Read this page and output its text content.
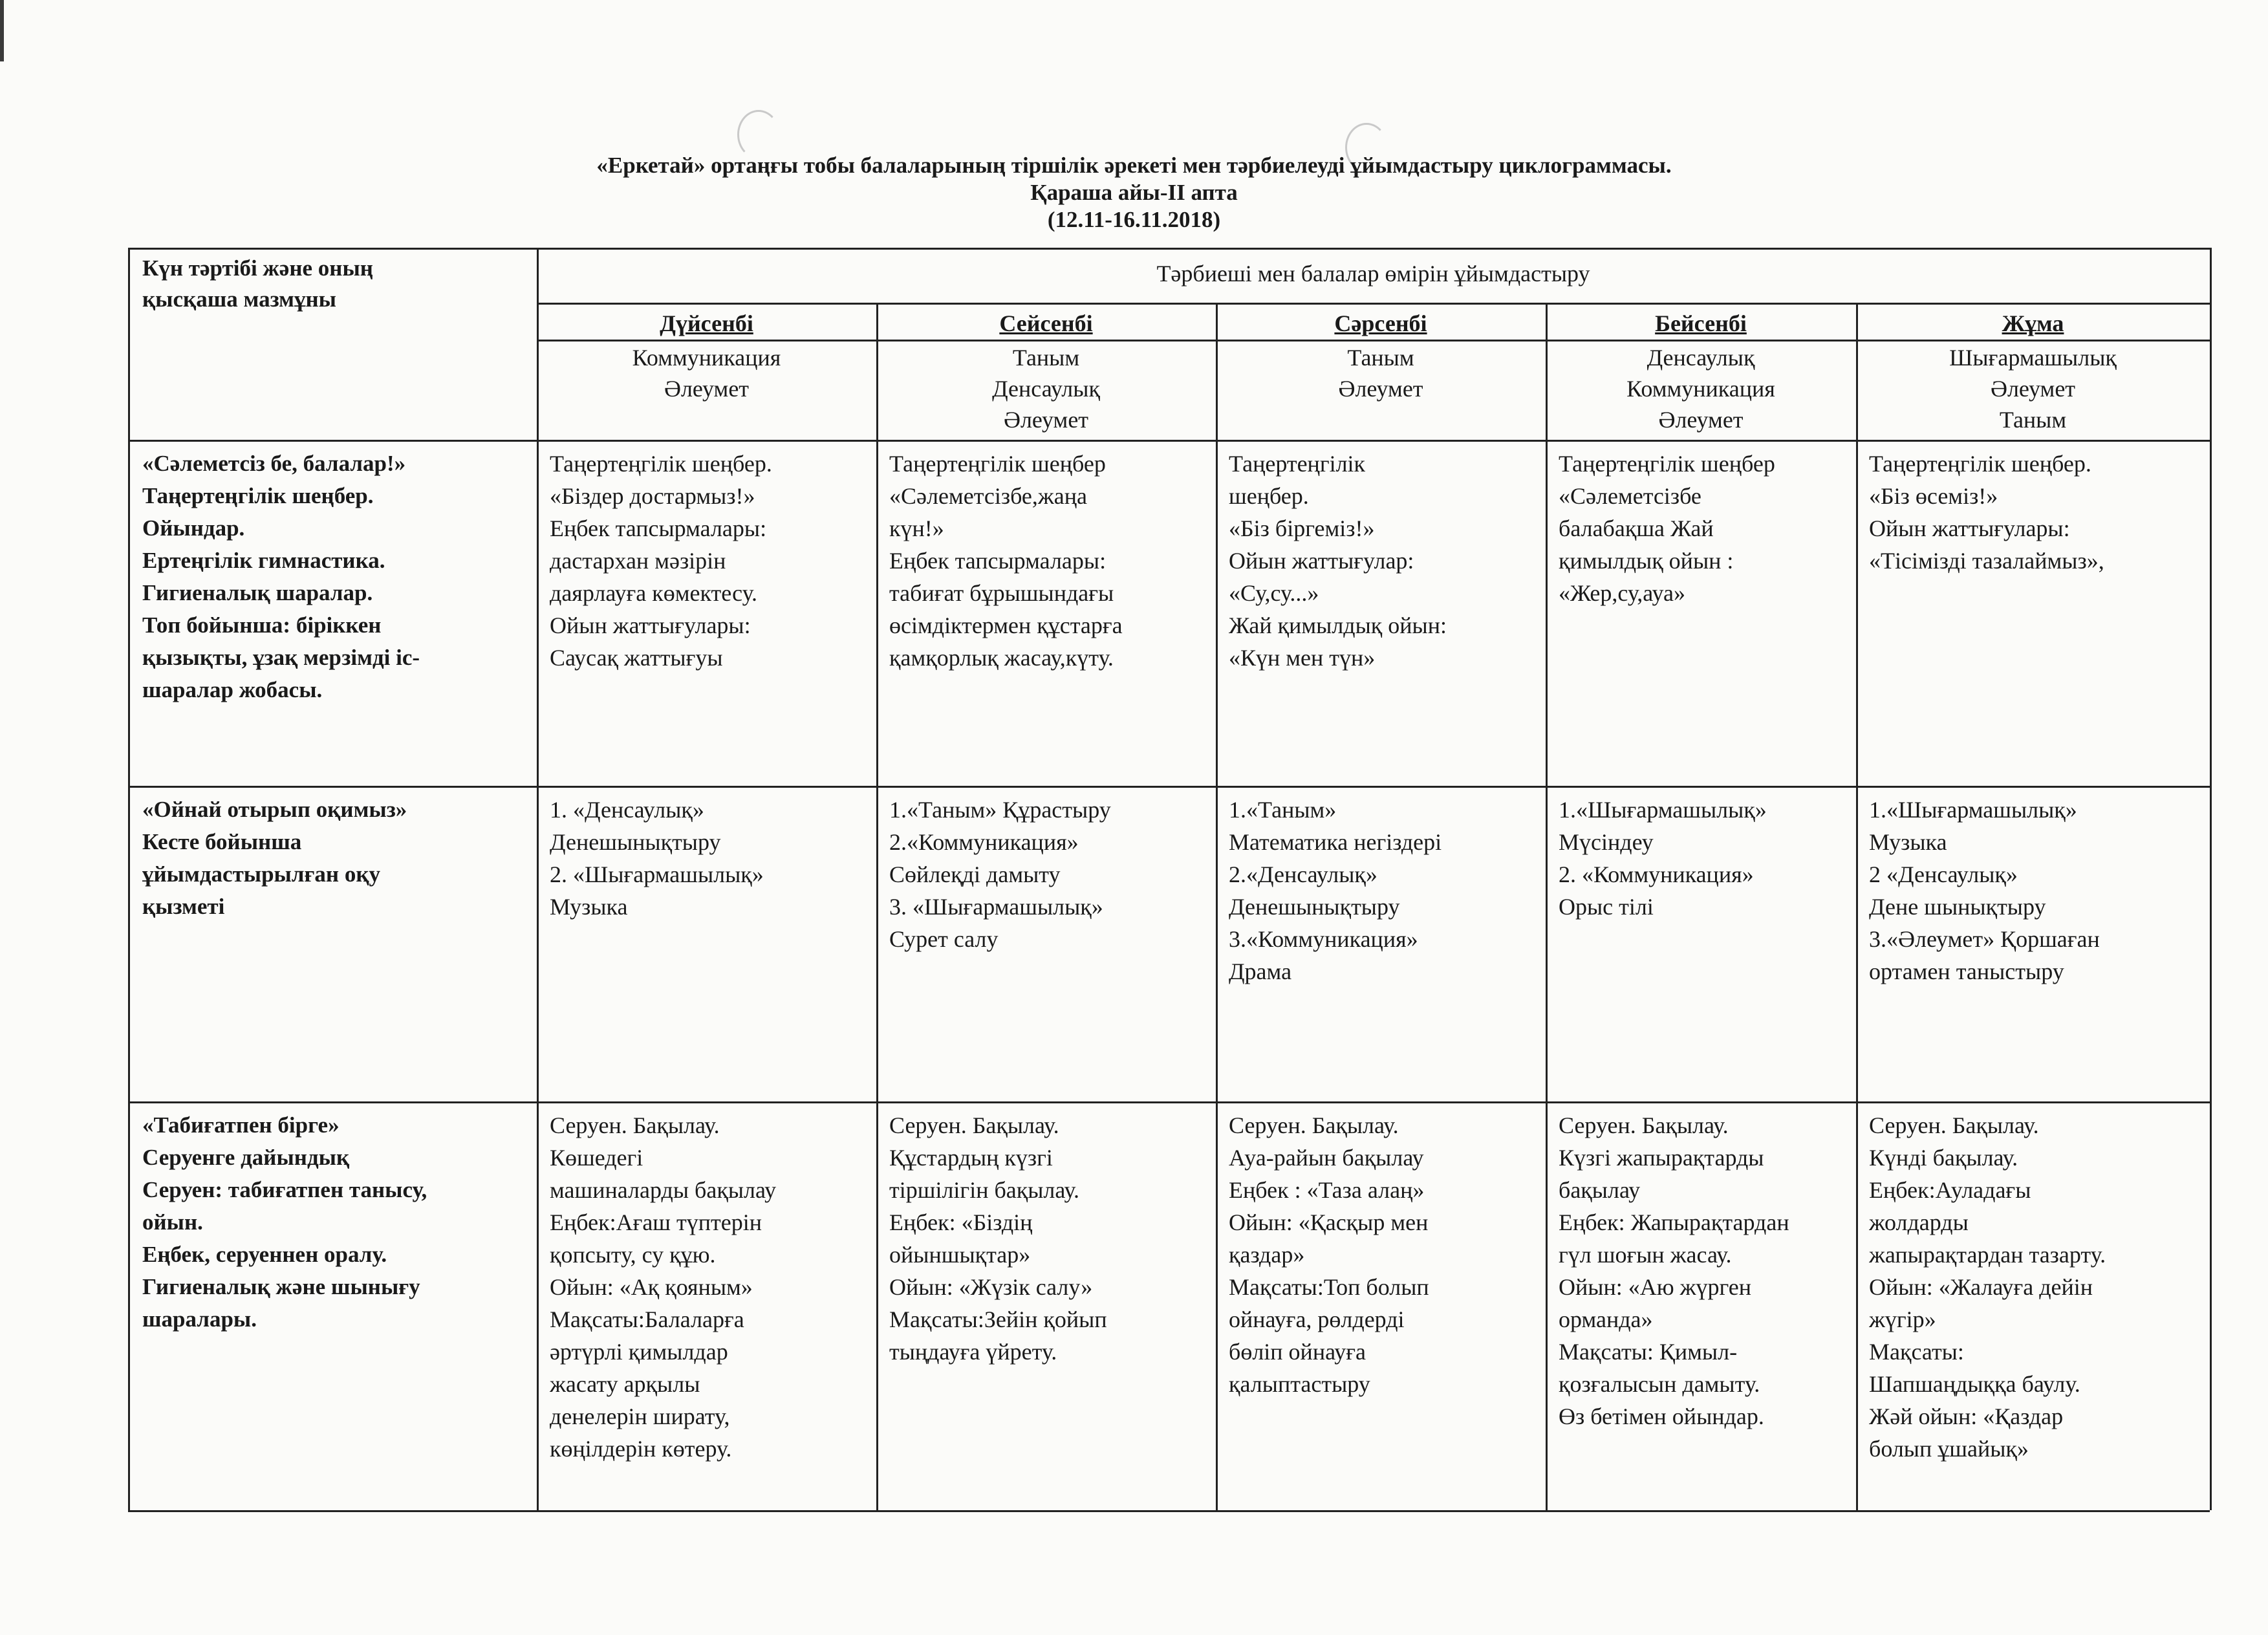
«Еркетай» ортаңғы тобы балаларының тіршілік әрекеті мен тәрбиелеуді ұйымдастыру циклограммасы.
Қараша айы-II апта
(12.11-16.11.2018)
Күн тәртібі және оның
қысқаша мазмұны
Тәрбиеші мен балалар өмірін ұйымдастыру
Дүйсенбі
Коммуникация
Әлеумет
Сейсенбі
Таным
Денсаулық
Әлеумет
Сәрсенбі
Таным
Әлеумет
Бейсенбі
Денсаулық
Коммуникация
Әлеумет
Жұма
Шығармашылық
Әлеумет
Таным
«Сәлеметсіз бе, балалар!»
Таңертеңгілік шеңбер.
Ойындар.
Ертеңгілік гимнастика.
Гигиеналық шаралар.
Топ бойынша: біріккен
қызықты, ұзақ мерзімді іс-
шаралар жобасы.
Таңертеңгілік шеңбер.
«Біздер достармыз!»
Еңбек тапсырмалары:
дастархан мәзірін
даярлауға көмектесу.
Ойын жаттығулары:
Саусақ жаттығуы
Таңертеңгілік шеңбер
«Сәлеметсізбе,жаңа
күн!»
Еңбек тапсырмалары:
табиғат бұрышындағы
өсімдіктермен құстарға
қамқорлық жасау,күту.
Таңертеңгілік
шеңбер.
«Біз біргеміз!»
Ойын жаттығулар:
«Су,су...»
Жай қимылдық ойын:
«Күн мен түн»
Таңертеңгілік шеңбер
«Сәлеметсізбе
балабақша Жай
қимылдық ойын :
«Жер,су,ауа»
Таңертеңгілік шеңбер.
«Біз өсеміз!»
Ойын жаттығулары:
«Тісімізді тазалаймыз»,
«Ойнай отырып оқимыз»
Кесте бойынша
ұйымдастырылған оқу
қызметі
1. «Денсаулық»
Денешынықтыру
2. «Шығармашылық»
Музыка
1.«Таным» Құрастыру
2.«Коммуникация»
Сөйлеқді дамыту
3. «Шығармашылық»
Сурет салу
1.«Таным»
Математика негіздері
2.«Денсаулық»
Денешынықтыру
3.«Коммуникация»
Драма
1.«Шығармашылық»
Мүсіндеу
2. «Коммуникация»
Орыс тілі
1.«Шығармашылық»
Музыка
2 «Денсаулық»
Дене шынықтыру
3.«Әлеумет» Қоршаған
ортамен таныстыру
«Табиғатпен бірге»
Серуенге дайындық
Серуен: табиғатпен танысу,
ойын.
Еңбек, серуеннен оралу.
Гигиеналық және шынығу
шаралары.
Серуен. Бақылау.
Көшедегі
машиналарды бақылау
Еңбек:Ағаш түптерін
қопсыту, су құю.
Ойын: «Ақ қояным»
Мақсаты:Балаларға
әртүрлі қимылдар
жасату арқылы
денелерін ширату,
көңілдерін көтеру.
Серуен. Бақылау.
Құстардың күзгі
тіршілігін бақылау.
Еңбек: «Біздің
ойыншықтар»
Ойын: «Жүзік салу»
Мақсаты:Зейін қойып
тыңдауға үйрету.
Серуен. Бақылау.
Ауа-райын бақылау
Еңбек : «Таза алаң»
Ойын: «Қасқыр мен
қаздар»
Мақсаты:Топ болып
ойнауға, рөлдерді
бөліп ойнауға
қалыптастыру
Серуен. Бақылау.
Күзгі жапырақтарды
бақылау
Еңбек: Жапырақтардан
гүл шоғын жасау.
Ойын: «Аю жүрген
орманда»
Мақсаты: Қимыл-
қозғалысын дамыту.
Өз бетімен ойындар.
Серуен. Бақылау.
Күнді бақылау.
Еңбек:Ауладағы
жолдарды
жапырақтардан тазарту.
Ойын: «Жалауға дейін
жүгір»
Мақсаты:
Шапшаңдыққа баулу.
Жәй ойын: «Қаздар
болып ұшайық»
